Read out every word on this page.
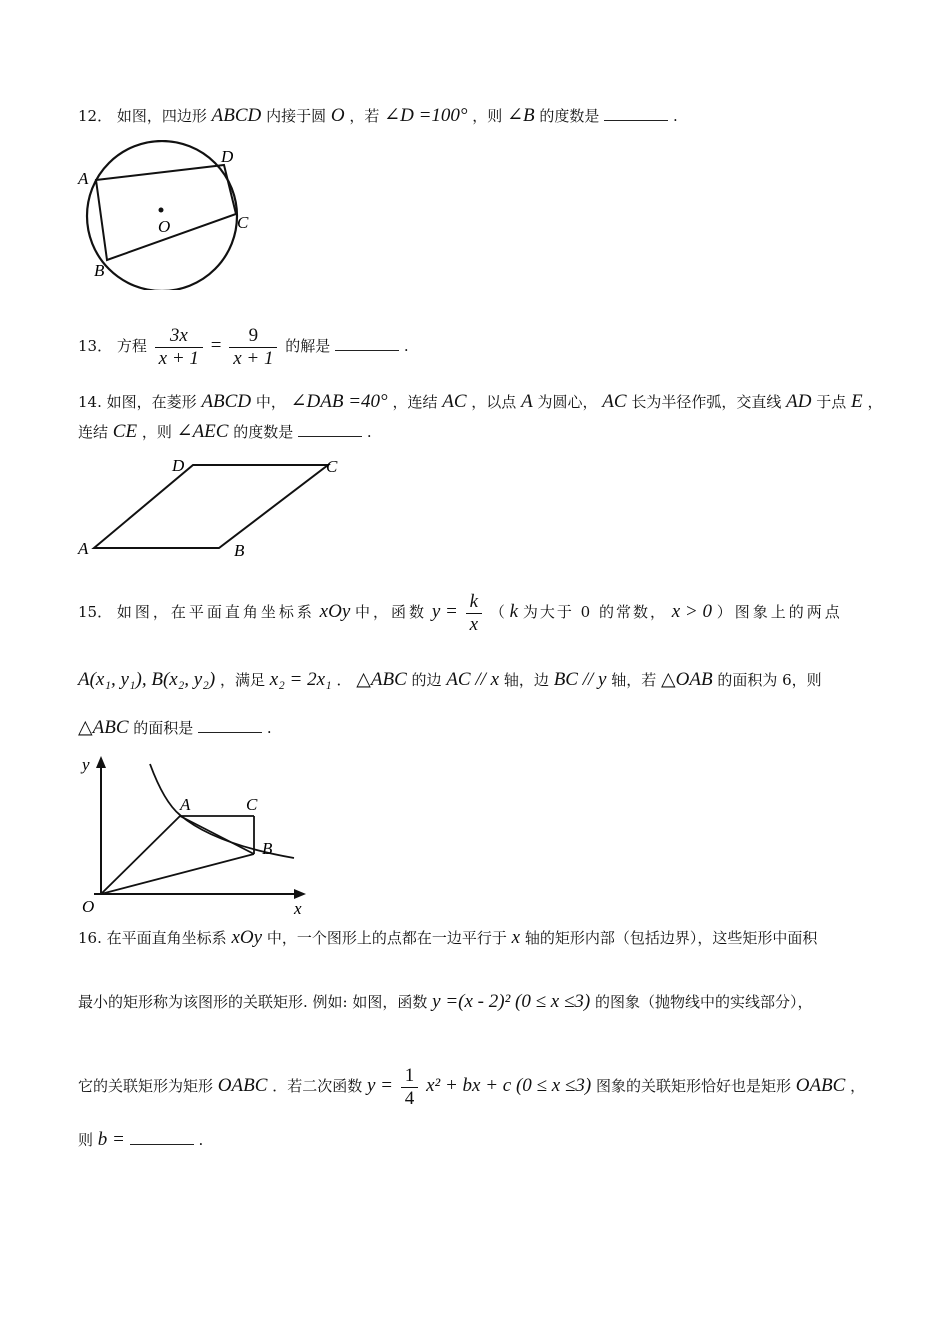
12． 如图，四边形 ABCD 内接于圆 O ，若 ∠D =100° ，则 ∠B 的度数是	.
A
D
C
B
O
13． 方程 $\frac{3x}{x + 1} = \frac{9}{x + 1}$ 的解是	.
14. 如图，在菱形 ABCD 中， ∠DAB =40° ，连结 AC ，以点 A 为圆心， AC 长为半径作弧，交直线 AD 于点 E ，
连结 CE ，则 ∠AEC 的度数是	.
A	B
C
D
15． 如图，在平面直角坐标系 xOy 中，函数 $y = \frac{k}{x}$ （ k 为大于 0 的常数， x > 0 ）图象上的两点
A(x₁, y₁), B(x₂, y₂) ，满足 x₂ = 2x₁ ． △ABC 的边 AC // x 轴，边 BC // y 轴，若 △OAB 的面积为 6，则
△ABC 的面积是	.
y
x
O
A	C
B
16. 在平面直角坐标系 xOy 中，一个图形上的点都在一边平行于 x 轴的矩形内部（包括边界），这些矩形中面积
最小的矩形称为该图形的关联矩形. 例如: 如图，函数 y =(x - 2)² (0 ≤ x ≤3) 的图象（抛物线中的实线部分），
它的关联矩形为矩形 OABC ．若二次函数 $y = \frac{1}{4} x^2$ + bx + c (0 ≤ x ≤3) 图象的关联矩形恰好也是矩形 OABC ，
则 b =	.
